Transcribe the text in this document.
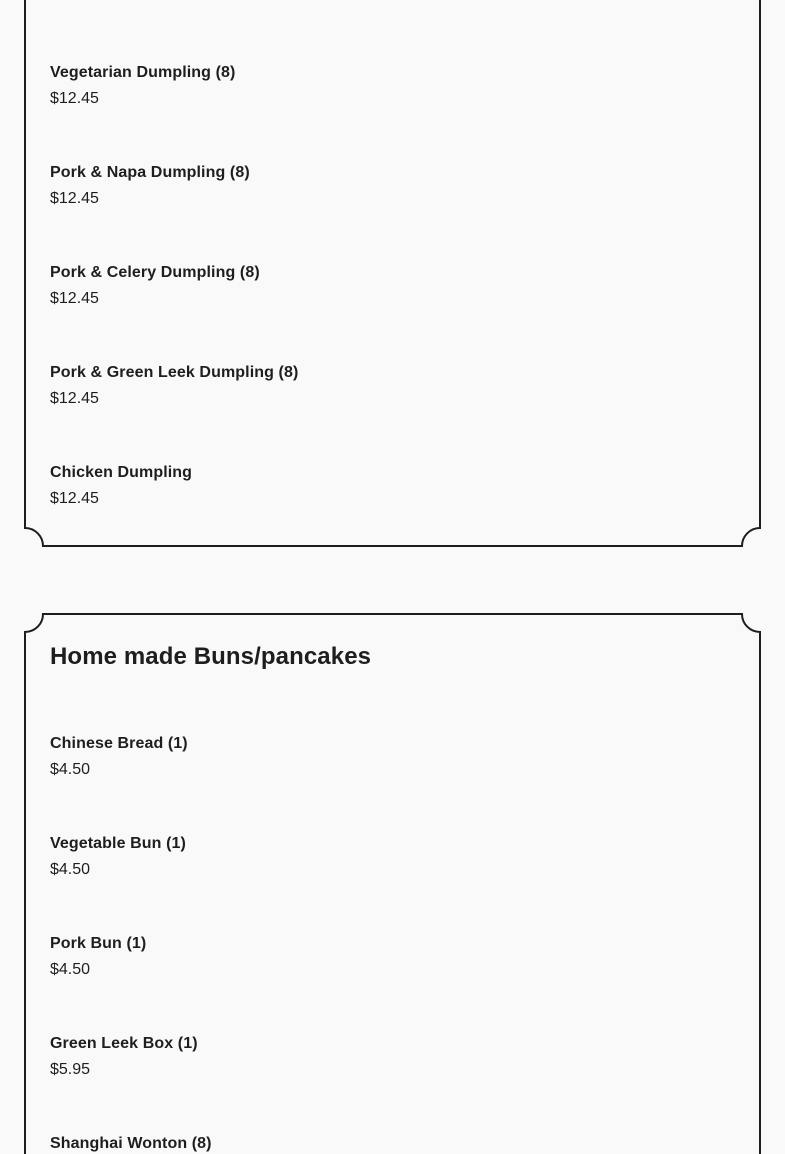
Vegetarian Dumpling (8)
$12.45
Pork & Napa Dumpling (8)
$12.45
Pork & Celery Dumpling (8)
$12.45
Pork & Green Leek Dumpling (8)
$12.45
Chicken Dumpling
$12.45
Home made Buns/pancakes
Chinese Bread (1)
$4.50
Vegetable Bun (1)
$4.50
Pork Bun (1)
$4.50
Green Leek Box (1)
$5.95
Shanghai Wonton (8)
